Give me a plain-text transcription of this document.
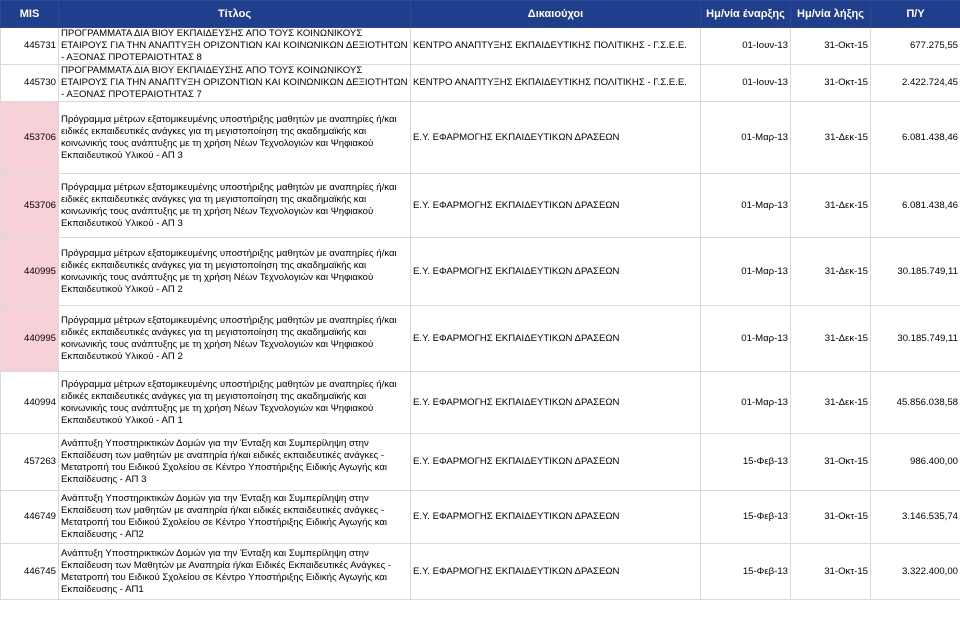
MIS	Τίτλος	Δικαιούχοι	Ημ/νία έναρξης	Ημ/νία λήξης	Π/Υ
445731	ΠΡΟΓΡΑΜΜΑΤΑ ΔΙΑ ΒΙΟΥ ΕΚΠΑΙΔΕΥΣΗΣ ΑΠΟ ΤΟΥΣ ΚΟΙΝΩΝΙΚΟΥΣ ΕΤΑΙΡΟΥΣ ΓΙΑ ΤΗΝ ΑΝΑΠΤΥΞΗ ΟΡΙΖΟΝΤΙΩΝ ΚΑΙ ΚΟΙΝΩΝΙΚΩΝ ΔΕΞΙΟΤΗΤΩΝ - ΑΞΟΝΑΣ ΠΡΟΤΕΡΑΙΟΤΗΤΑΣ 8	ΚΕΝΤΡΟ ΑΝΑΠΤΥΞΗΣ ΕΚΠΑΙΔΕΥΤΙΚΗΣ ΠΟΛΙΤΙΚΗΣ - Γ.Σ.Ε.Ε.	01-Ιουν-13	31-Οκτ-15	677.275,55
445730	ΠΡΟΓΡΑΜΜΑΤΑ ΔΙΑ ΒΙΟΥ ΕΚΠΑΙΔΕΥΣΗΣ ΑΠΟ ΤΟΥΣ ΚΟΙΝΩΝΙΚΟΥΣ ΕΤΑΙΡΟΥΣ ΓΙΑ ΤΗΝ ΑΝΑΠΤΥΞΗ ΟΡΙΖΟΝΤΙΩΝ ΚΑΙ ΚΟΙΝΩΝΙΚΩΝ ΔΕΞΙΟΤΗΤΩΝ - ΑΞΟΝΑΣ ΠΡΟΤΕΡΑΙΟΤΗΤΑΣ 7	ΚΕΝΤΡΟ ΑΝΑΠΤΥΞΗΣ ΕΚΠΑΙΔΕΥΤΙΚΗΣ ΠΟΛΙΤΙΚΗΣ - Γ.Σ.Ε.Ε.	01-Ιουν-13	31-Οκτ-15	2.422.724,45
453706	Πρόγραμμα μέτρων εξατομικευμένης υποστήριξης μαθητών με αναπηρίες ή/και ειδικές εκπαιδευτικές ανάγκες για τη μεγιστοποίηση της ακαδημαϊκής και κοινωνικής τους ανάπτυξης με τη χρήση Νέων Τεχνολογιών και Ψηφιακού Εκπαιδευτικού Υλικού - ΑΠ 3	Ε.Υ. ΕΦΑΡΜΟΓΗΣ ΕΚΠΑΙΔΕΥΤΙΚΩΝ ΔΡΑΣΕΩΝ	01-Μαρ-13	31-Δεκ-15	6.081.438,46
453706	Πρόγραμμα μέτρων εξατομικευμένης υποστήριξης μαθητών με αναπηρίες ή/και ειδικές εκπαιδευτικές ανάγκες για τη μεγιστοποίηση της ακαδημαϊκής και κοινωνικής τους ανάπτυξης με τη χρήση Νέων Τεχνολογιών και Ψηφιακού Εκπαιδευτικού Υλικού - ΑΠ 3	Ε.Υ. ΕΦΑΡΜΟΓΗΣ ΕΚΠΑΙΔΕΥΤΙΚΩΝ ΔΡΑΣΕΩΝ	01-Μαρ-13	31-Δεκ-15	6.081.438,46
440995	Πρόγραμμα μέτρων εξατομικευμένης υποστήριξης μαθητών με αναπηρίες ή/και ειδικές εκπαιδευτικές ανάγκες για τη μεγιστοποίηση της ακαδημαϊκής και κοινωνικής τους ανάπτυξης με τη χρήση Νέων Τεχνολογιών και Ψηφιακού Εκπαιδευτικού Υλικού - ΑΠ 2	Ε.Υ. ΕΦΑΡΜΟΓΗΣ ΕΚΠΑΙΔΕΥΤΙΚΩΝ ΔΡΑΣΕΩΝ	01-Μαρ-13	31-Δεκ-15	30.185.749,11
440995	Πρόγραμμα μέτρων εξατομικευμένης υποστήριξης μαθητών με αναπηρίες ή/και ειδικές εκπαιδευτικές ανάγκες για τη μεγιστοποίηση της ακαδημαϊκής και κοινωνικής τους ανάπτυξης με τη χρήση Νέων Τεχνολογιών και Ψηφιακού Εκπαιδευτικού Υλικού - ΑΠ 2	Ε.Υ. ΕΦΑΡΜΟΓΗΣ ΕΚΠΑΙΔΕΥΤΙΚΩΝ ΔΡΑΣΕΩΝ	01-Μαρ-13	31-Δεκ-15	30.185.749,11
440994	Πρόγραμμα μέτρων εξατομικευμένης υποστήριξης μαθητών με αναπηρίες ή/και ειδικές εκπαιδευτικές ανάγκες για τη μεγιστοποίηση της ακαδημαϊκής και κοινωνικής τους ανάπτυξης με τη χρήση Νέων Τεχνολογιών και Ψηφιακού Εκπαιδευτικού Υλικού - ΑΠ 1	Ε.Υ. ΕΦΑΡΜΟΓΗΣ ΕΚΠΑΙΔΕΥΤΙΚΩΝ ΔΡΑΣΕΩΝ	01-Μαρ-13	31-Δεκ-15	45.856.038,58
457263	Ανάπτυξη Υποστηρικτικών Δομών για την Ένταξη και Συμπερίληψη στην Εκπαίδευση των μαθητών με αναπηρία ή/και ειδικές εκπαιδευτικές ανάγκες - Μετατροπή του Ειδικού Σχολείου σε Κέντρο Υποστήριξης Ειδικής Αγωγής και Εκπαίδευσης - ΑΠ 3	Ε.Υ. ΕΦΑΡΜΟΓΗΣ ΕΚΠΑΙΔΕΥΤΙΚΩΝ ΔΡΑΣΕΩΝ	15-Φεβ-13	31-Οκτ-15	986.400,00
446749	Ανάπτυξη Υποστηρικτικών Δομών για την Ένταξη και Συμπερίληψη στην Εκπαίδευση των μαθητών με αναπηρία ή/και ειδικές εκπαιδευτικές ανάγκες - Μετατροπή του Ειδικού Σχολείου σε Κέντρο Υποστήριξης Ειδικής Αγωγής και Εκπαίδευσης - ΑΠ2	Ε.Υ. ΕΦΑΡΜΟΓΗΣ ΕΚΠΑΙΔΕΥΤΙΚΩΝ ΔΡΑΣΕΩΝ	15-Φεβ-13	31-Οκτ-15	3.146.535,74
446745	Ανάπτυξη Υποστηρικτικών Δομών για την Ένταξη και Συμπερίληψη στην Εκπαίδευση των Μαθητών με Αναπηρία ή/και Ειδικές Εκπαιδευτικές Ανάγκες - Μετατροπή του Ειδικού Σχολείου σε Κέντρο Υποστήριξης Ειδικής Αγωγής και Εκπαίδευσης - ΑΠ1	Ε.Υ. ΕΦΑΡΜΟΓΗΣ ΕΚΠΑΙΔΕΥΤΙΚΩΝ ΔΡΑΣΕΩΝ	15-Φεβ-13	31-Οκτ-15	3.322.400,00
